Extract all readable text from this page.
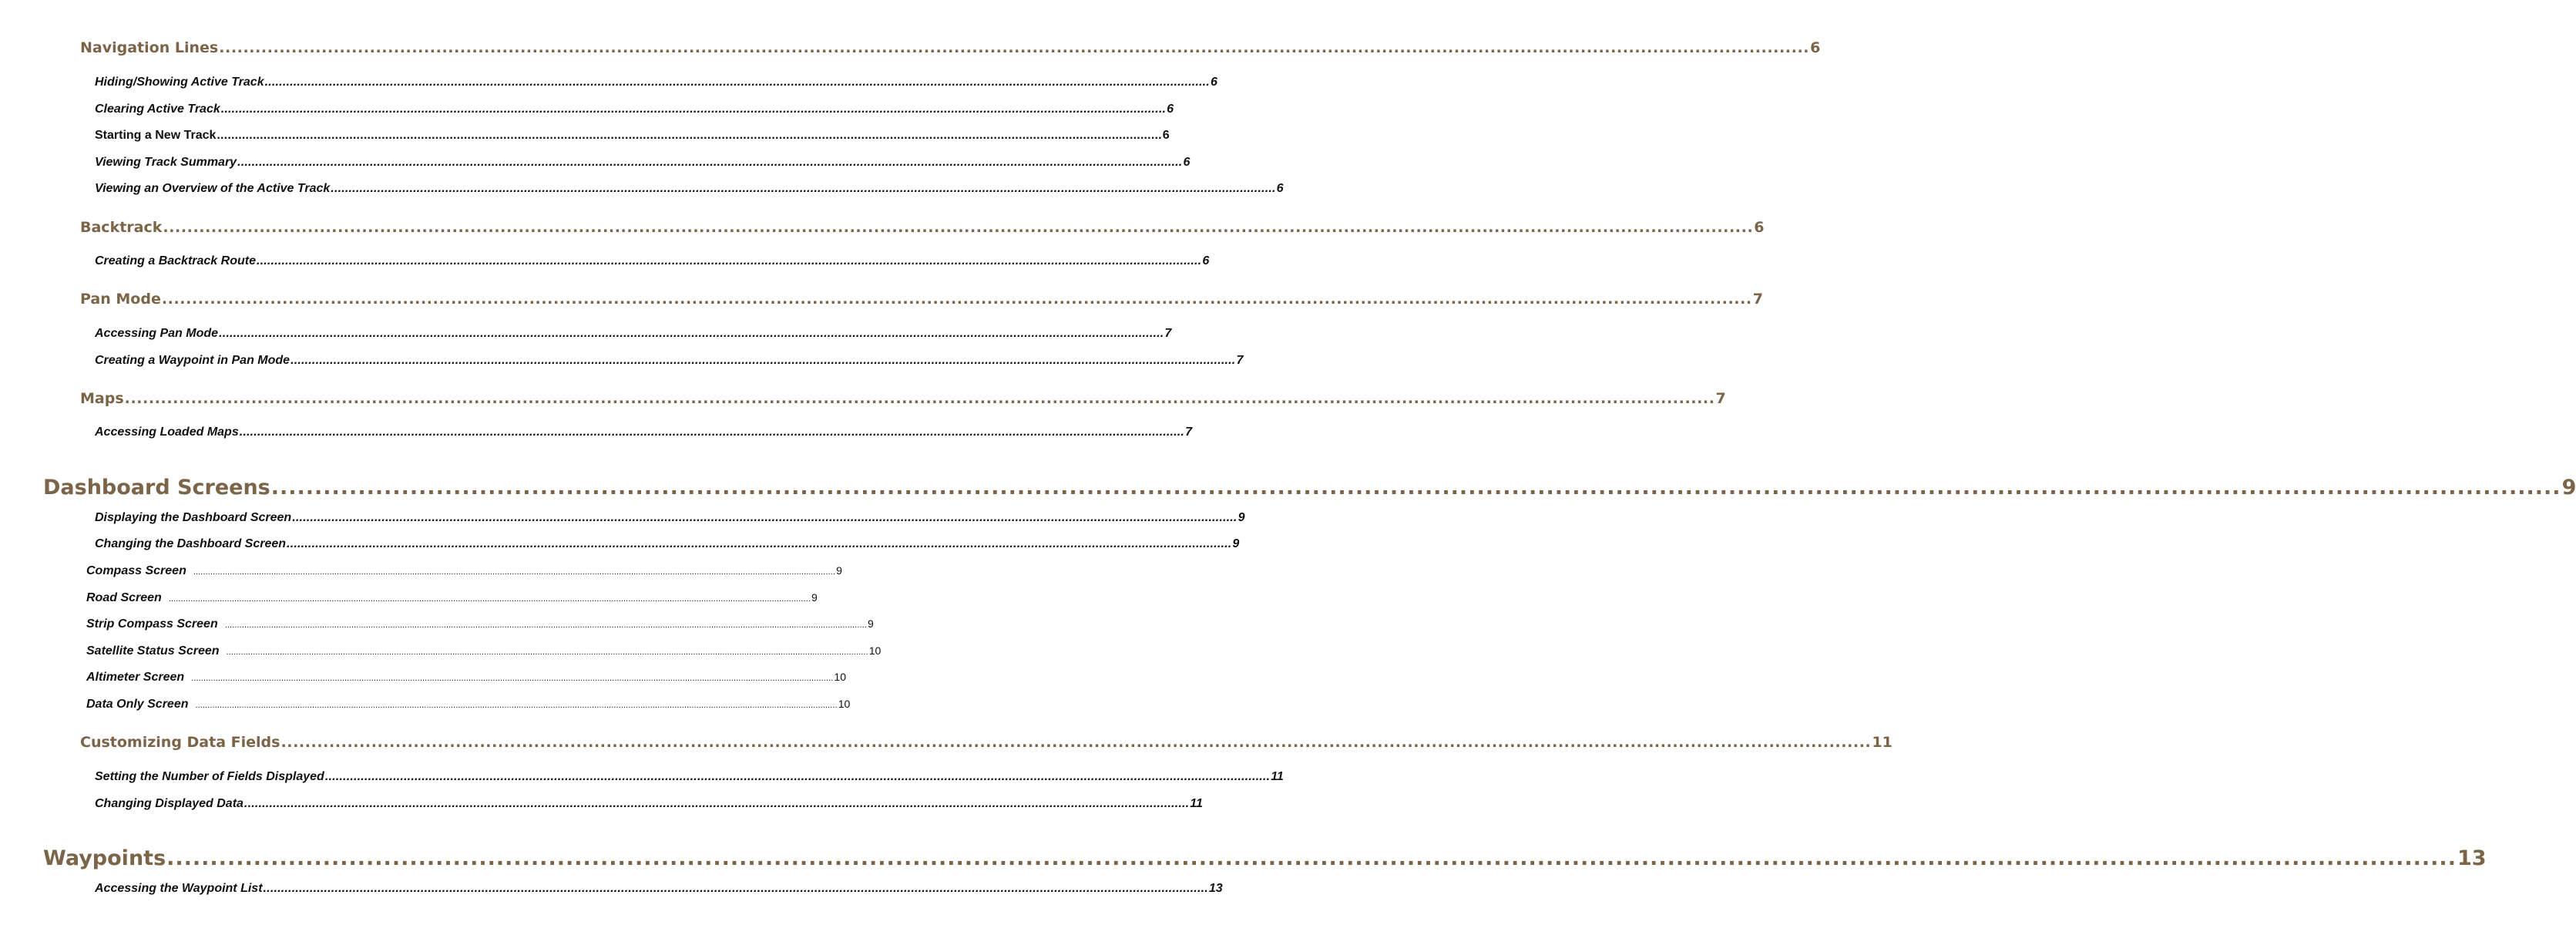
Navigation Lines ........................................................................................................................................................................................................................................................................ 6
Hiding/Showing Active Track ........................................................................................................................................................................................................................................................................ 6
Clearing Active Track ........................................................................................................................................................................................................................................................................ 6
Starting a New Track ........................................................................................................................................................................................................................................................................ 6
Viewing Track Summary ........................................................................................................................................................................................................................................................................ 6
Viewing an Overview of the Active Track ........................................................................................................................................................................................................................................................................ 6
Backtrack ........................................................................................................................................................................................................................................................................ 6
Creating a Backtrack Route ........................................................................................................................................................................................................................................................................ 6
Pan Mode ........................................................................................................................................................................................................................................................................ 7
Accessing Pan Mode ........................................................................................................................................................................................................................................................................ 7
Creating a Waypoint in Pan Mode ........................................................................................................................................................................................................................................................................ 7
Maps ........................................................................................................................................................................................................................................................................ 7
Accessing Loaded Maps ........................................................................................................................................................................................................................................................................ 7
Dashboard Screens ........................................................................................................................................................................................................................................................................ 9
Displaying the Dashboard Screen ........................................................................................................................................................................................................................................................................ 9
Changing the Dashboard Screen ........................................................................................................................................................................................................................................................................ 9
Compass Screen ........................................................................................................................................................................................................................................................................ 9
Road Screen ........................................................................................................................................................................................................................................................................ 9
Strip Compass Screen ........................................................................................................................................................................................................................................................................ 9
Satellite Status Screen ........................................................................................................................................................................................................................................................................ 10
Altimeter Screen ........................................................................................................................................................................................................................................................................ 10
Data Only Screen ........................................................................................................................................................................................................................................................................ 10
Customizing Data Fields ........................................................................................................................................................................................................................................................................ 11
Setting the Number of Fields Displayed ........................................................................................................................................................................................................................................................................ 11
Changing Displayed Data ........................................................................................................................................................................................................................................................................ 11
Waypoints ........................................................................................................................................................................................................................................................................ 13
Accessing the Waypoint List ........................................................................................................................................................................................................................................................................ 13
